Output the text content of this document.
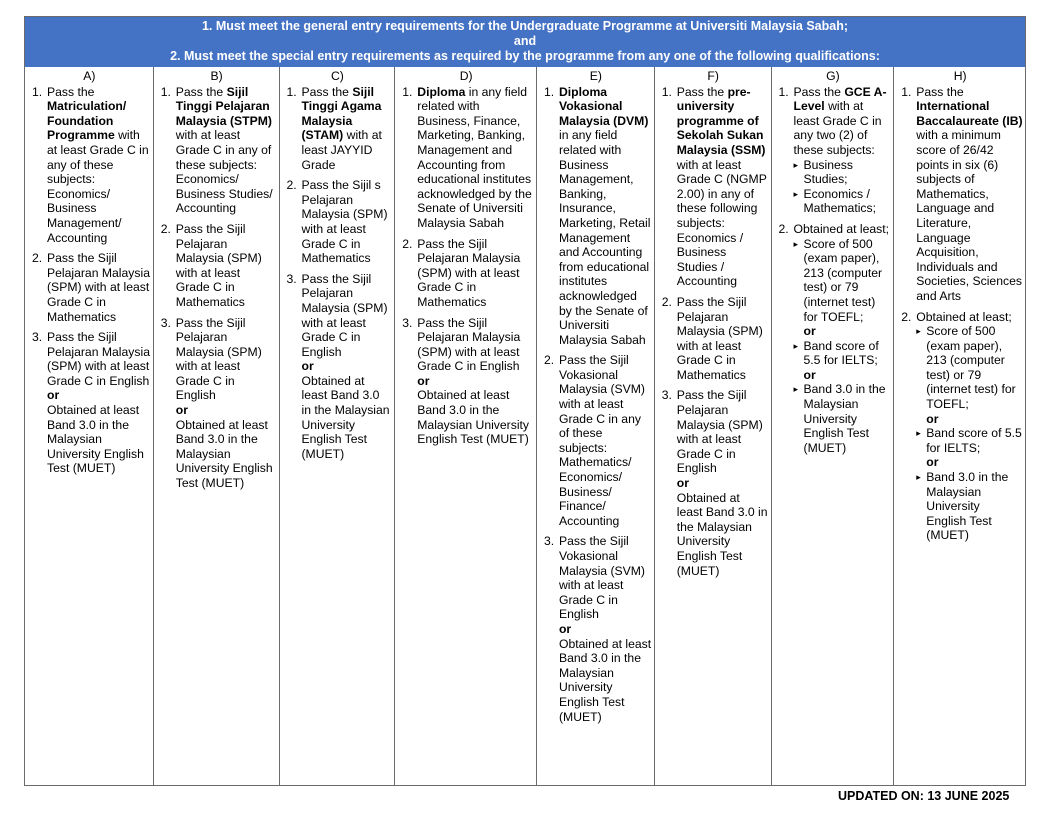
1. Must meet the general entry requirements for the Undergraduate Programme at Universiti Malaysia Sabah;
and
2. Must meet the special entry requirements as required by the programme from any one of the following qualifications:
A)
1. Pass the Matriculation/ Foundation Programme with at least Grade C in any of these subjects: Economics/ Business Management/ Accounting
2. Pass the Sijil Pelajaran Malaysia (SPM) with at least Grade C in Mathematics
3. Pass the Sijil Pelajaran Malaysia (SPM) with at least Grade C in English
or
Obtained at least Band 3.0 in the Malaysian University English Test (MUET)
B)
1. Pass the Sijil Tinggi Pelajaran Malaysia (STPM) with at least Grade C in any of these subjects: Economics/ Business Studies/ Accounting
2. Pass the Sijil Pelajaran Malaysia (SPM) with at least Grade C in Mathematics
3. Pass the Sijil Pelajaran Malaysia (SPM) with at least Grade C in English
or
Obtained at least Band 3.0 in the Malaysian University English Test (MUET)
C)
1. Pass the Sijil Tinggi Agama Malaysia (STAM) with at least JAYYID Grade
2. Pass the Sijil s Pelajaran Malaysia (SPM) with at least Grade C in Mathematics
3. Pass the Sijil Pelajaran Malaysia (SPM) with at least Grade C in English
or
Obtained at least Band 3.0 in the Malaysian University English Test (MUET)
D)
1. Diploma in any field related with Business, Finance, Marketing, Banking, Management and Accounting from educational institutes acknowledged by the Senate of Universiti Malaysia Sabah
2. Pass the Sijil Pelajaran Malaysia (SPM) with at least Grade C in Mathematics
3. Pass the Sijil Pelajaran Malaysia (SPM) with at least Grade C in English
or
Obtained at least Band 3.0 in the Malaysian University English Test (MUET)
E)
1. Diploma Vokasional Malaysia (DVM) in any field related with Business Management, Banking, Insurance, Marketing, Retail Management and Accounting from educational institutes acknowledged by the Senate of Universiti Malaysia Sabah
2. Pass the Sijil Vokasional Malaysia (SVM) with at least Grade C in any of these subjects: Mathematics/ Economics/ Business/ Finance/ Accounting
3. Pass the Sijil Vokasional Malaysia (SVM) with at least Grade C in English
or
Obtained at least Band 3.0 in the Malaysian University English Test (MUET)
F)
1. Pass the pre-university programme of Sekolah Sukan Malaysia (SSM) with at least Grade C (NGMP 2.00) in any of these following subjects: Economics / Business Studies / Accounting
2. Pass the Sijil Pelajaran Malaysia (SPM) with at least Grade C in Mathematics
3. Pass the Sijil Pelajaran Malaysia (SPM) with at least Grade C in English
or
Obtained at least Band 3.0 in the Malaysian University English Test (MUET)
G)
1. Pass the GCE A-Level with at least Grade C in any two (2) of these subjects:
▸ Business Studies;
▸ Economics / Mathematics;
2. Obtained at least;
▸ Score of 500 (exam paper), 213 (computer test) or 79 (internet test) for TOEFL;
or
▸ Band score of 5.5 for IELTS;
or
▸ Band 3.0 in the Malaysian University English Test (MUET)
H)
1. Pass the International Baccalaureate (IB) with a minimum score of 26/42 points in six (6) subjects of Mathematics, Language and Literature, Language Acquisition, Individuals and Societies, Sciences and Arts
2. Obtained at least;
▸ Score of 500 (exam paper), 213 (computer test) or 79 (internet test) for TOEFL;
or
▸ Band score of 5.5 for IELTS;
or
▸ Band 3.0 in the Malaysian University English Test (MUET)
UPDATED ON: 13 JUNE 2025
